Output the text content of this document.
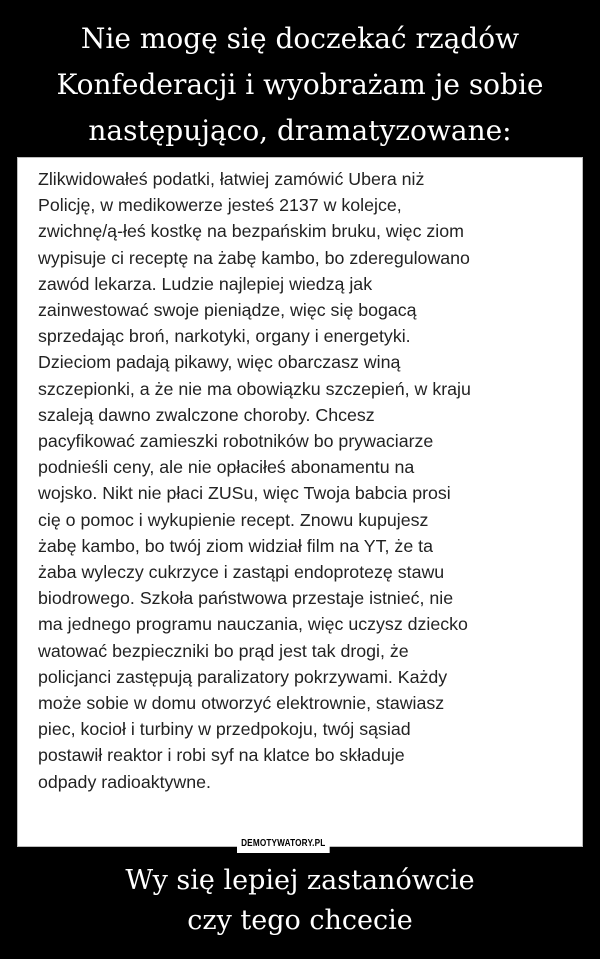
Nie mogę się doczekać rządów
Konfederacji i wyobrażam je sobie
następująco, dramatyzowane:
Zlikwidowałeś podatki, łatwiej zamówić Ubera niż
Policję, w medikowerze jesteś 2137 w kolejce,
zwichnę/ą-łeś kostkę na bezpańskim bruku, więc ziom
wypisuje ci receptę na żabę kambo, bo zderegulowano
zawód lekarza. Ludzie najlepiej wiedzą jak
zainwestować swoje pieniądze, więc się bogacą
sprzedając broń, narkotyki, organy i energetyki.
Dzieciom padają pikawy, więc obarczasz winą
szczepionki, a że nie ma obowiązku szczepień, w kraju
szaleją dawno zwalczone choroby. Chcesz
pacyfikować zamieszki robotników bo prywaciarze
podnieśli ceny, ale nie opłaciłeś abonamentu na
wojsko. Nikt nie płaci ZUSu, więc Twoja babcia prosi
cię o pomoc i wykupienie recept. Znowu kupujesz
żabę kambo, bo twój ziom widział film na YT, że ta
żaba wyleczy cukrzyce i zastąpi endoprotezę stawu
biodrowego. Szkoła państwowa przestaje istnieć, nie
ma jednego programu nauczania, więc uczysz dziecko
watować bezpieczniki bo prąd jest tak drogi, że
policjanci zastępują paralizatory pokrzywami. Każdy
może sobie w domu otworzyć elektrownie, stawiasz
piec, kocioł i turbiny w przedpokoju, twój sąsiad
postawił reaktor i robi syf na klatce bo składuje
odpady radioaktywne.
DEMOTYWATORY.PL
Wy się lepiej zastanówcie
czy tego chcecie
